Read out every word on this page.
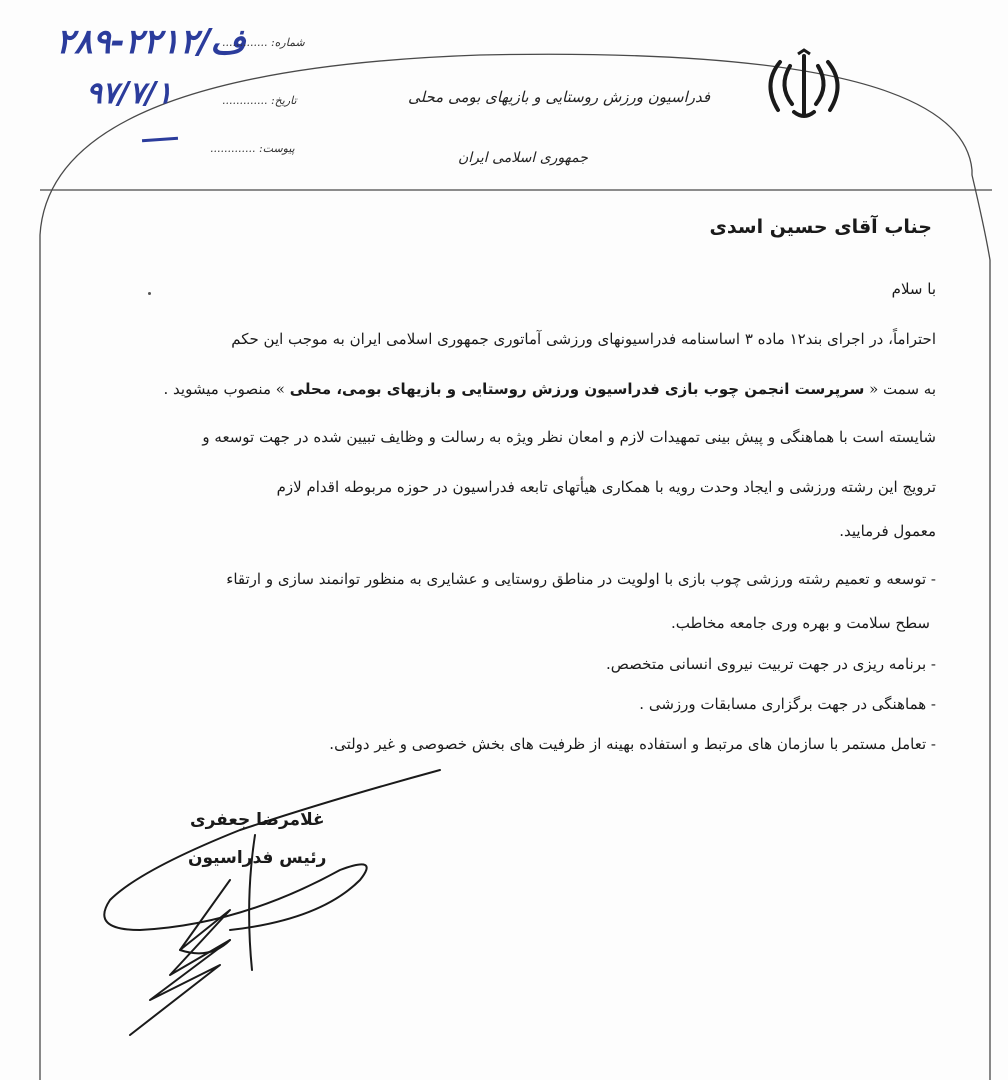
۲۸۹-ف/۲۲۱۲
۹۷/۷/۱
شماره: .............
تاریخ: .............
پیوست: .............
فدراسیون ورزش روستایی و بازیهای بومی محلی
جمهوری اسلامی ایران
جناب آقای حسین اسدی
با سلام
احتراماً، در اجرای بند۱۲ ماده ۳ اساسنامه فدراسیونهای ورزشی آماتوری جمهوری اسلامی ایران به موجب این حکم
به سمت « سرپرست انجمن چوب بازی فدراسیون ورزش روستایی و بازیهای بومی، محلی » منصوب میشوید .
شایسته است با هماهنگی و پیش بینی تمهیدات لازم و امعان نظر ویژه به رسالت و وظایف تبیین شده در جهت توسعه و
ترویج این رشته ورزشی و ایجاد وحدت رویه با همکاری هیأتهای تابعه فدراسیون در حوزه مربوطه اقدام لازم
معمول فرمایید.
- توسعه و تعمیم رشته ورزشی چوب بازی با اولویت در مناطق روستایی و عشایری به منظور توانمند سازی و ارتقاء
سطح سلامت و بهره وری جامعه مخاطب.
- برنامه ریزی در جهت تربیت نیروی انسانی متخصص.
- هماهنگی در جهت برگزاری مسابقات ورزشی .
- تعامل مستمر با سازمان های مرتبط و استفاده بهینه از ظرفیت های بخش خصوصی و غیر دولتی.
غلامرضا جعفری
رئیس فدراسیون
